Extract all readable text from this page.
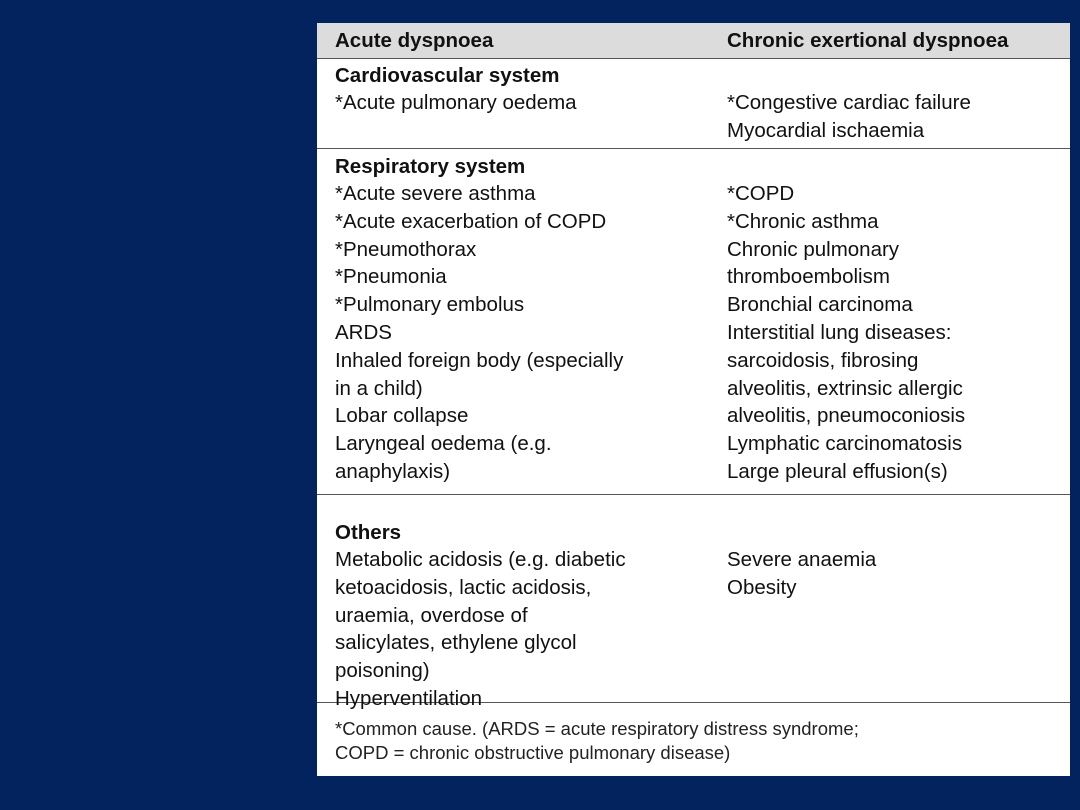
Acute dyspnoea	Chronic exertional dyspnoea
Cardiovascular system
*Acute pulmonary oedema	*Congestive cardiac failure
Myocardial ischaemia
Respiratory system
*Acute severe asthma
*Acute exacerbation of COPD
*Pneumothorax
*Pneumonia
*Pulmonary embolus
ARDS
Inhaled foreign body (especially
in a child)
Lobar collapse
Laryngeal oedema (e.g.
anaphylaxis)
*COPD
*Chronic asthma
Chronic pulmonary
thromboembolism
Bronchial carcinoma
Interstitial lung diseases:
sarcoidosis, fibrosing
alveolitis, extrinsic allergic
alveolitis, pneumoconiosis
Lymphatic carcinomatosis
Large pleural effusion(s)
Others
Metabolic acidosis (e.g. diabetic
ketoacidosis, lactic acidosis,
uraemia, overdose of
salicylates, ethylene glycol
poisoning)
Hyperventilation
Severe anaemia
Obesity
*Common cause. (ARDS = acute respiratory distress syndrome;
COPD = chronic obstructive pulmonary disease)
